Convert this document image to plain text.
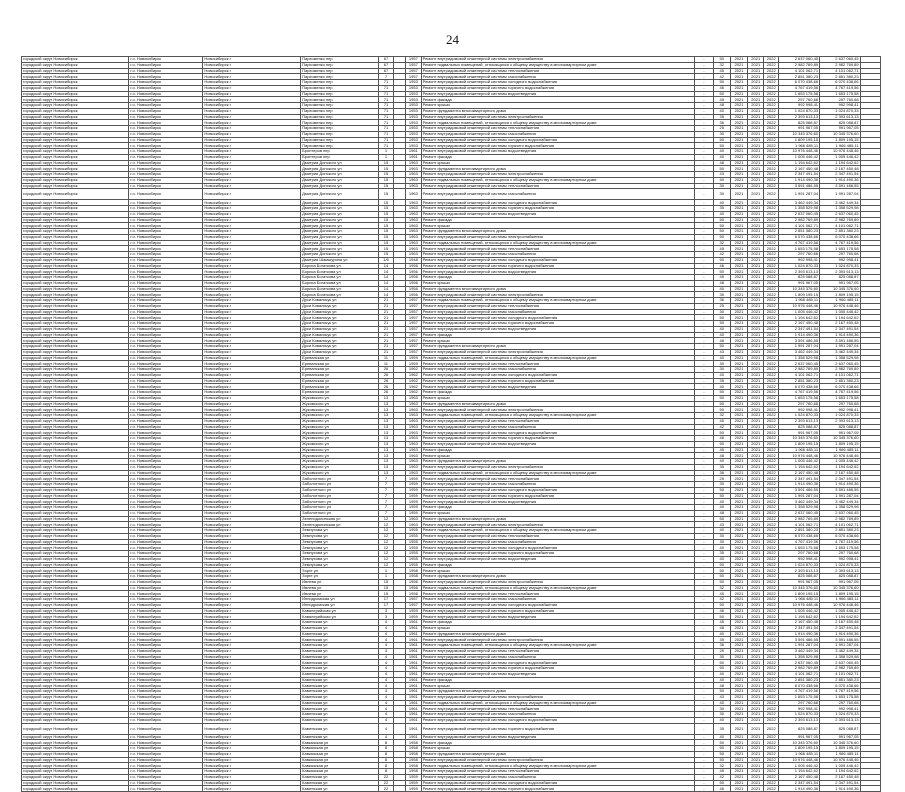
24
городской округ Новосибирск	г.о. Новосибирск	Новосибирск г	Пархоменко пер	67		1957	Ремонт внутридомовой инженерной системы электроснабжения	-	50	2021	2021	2022	2 637 060,45	2 637 060,45	
городской округ Новосибирск	г.о. Новосибирск	Новосибирск г	Пархоменко пер	67		1957	Ремонт подвальных помещений, относящихся к общему имуществу в многоквартирном доме	-	32	2021	2021	2022	2 982 769,89	2 982 769,89	
городской округ Новосибирск	г.о. Новосибирск	Новосибирск г	Пархоменко пер	67		1957	Ремонт внутридомовой инженерной системы теплоснабжения	-	45	2021	2021	2022	4 101 062,71	4 101 062,71	
городской округ Новосибирск	г.о. Новосибирск	Новосибирск г	Пархоменко пер	7		1957	Ремонт внутридомовой инженерной системы газоснабжения	-	42	2021	2021	2022	2 851 380,23	2 851 380,23	
городской округ Новосибирск	г.о. Новосибирск	Новосибирск г	Пархоменко пер	71		1953	Ремонт внутридомовой инженерной системы холодного водоснабжения	-	50	2021	2021	2022	6 070 438,66	6 070 438,66	
городской округ Новосибирск	г.о. Новосибирск	Новосибирск г	Пархоменко пер	71		1953	Ремонт внутридомовой инженерной системы горячего водоснабжения	-	46	2021	2021	2022	4 767 419,56	4 767 419,56	
городской округ Новосибирск	г.о. Новосибирск	Новосибирск г	Пархоменко пер	71		1953	Ремонт внутридомовой инженерной системы водоотведения	-	50	2021	2021	2022	1 653 175,58	1 653 175,58	
городской округ Новосибирск	г.о. Новосибирск	Новосибирск г	Пархоменко пер	71		1953	Ремонт фасада	-	45	2021	2021	2022	297 760,68	297 760,68	
городской округ Новосибирск	г.о. Новосибирск	Новосибирск г	Пархоменко пер	71		1953	Ремонт крыши	-	48	2021	2021	2022	992 998,41	992 998,41	
городской округ Новосибирск	г.о. Новосибирск	Новосибирск г	Пархоменко пер	71		1953	Ремонт фундамента многоквартирного дома	-	40	2021	2021	2022	1 024 870,33	1 024 870,33	
городской округ Новосибирск	г.о. Новосибирск	Новосибирск г	Пархоменко пер	71		1953	Ремонт внутридомовой инженерной системы электроснабжения	-	35	2021	2021	2022	2 393 613,13	2 393 613,13	
городской округ Новосибирск	г.о. Новосибирск	Новосибирск г	Пархоменко пер	71		1953	Ремонт подвальных помещений, относящихся к общему имуществу в многоквартирном доме	-	36	2021	2021	2022	825 088,87	825 088,87	
городской округ Новосибирск	г.о. Новосибирск	Новосибирск г	Пархоменко пер	71		1953	Ремонт внутридомовой инженерной системы теплоснабжения	-	25	2021	2021	2022	991 967,05	991 967,05	
городской округ Новосибирск	г.о. Новосибирск	Новосибирск г	Пархоменко пер	71		1953	Ремонт внутридомовой инженерной системы газоснабжения	-	30	2021	2021	2022	10 345 376,60	10 345 376,60	
городской округ Новосибирск	г.о. Новосибирск	Новосибирск г	Пархоменко пер	71		1953	Ремонт внутридомовой инженерной системы холодного водоснабжения	-	50	2021	2021	2022	1 809 195,15	1 809 195,15	
городской округ Новосибирск	г.о. Новосибирск	Новосибирск г	Пархоменко пер	71		1953	Ремонт внутридомовой инженерной системы горячего водоснабжения	-	50	2021	2021	2022	1 966 485,11	1 966 485,11	
городской округ Новосибирск	г.о. Новосибирск	Новосибирск г	Бронтеров пер	1		1961	Ремонт внутридомовой инженерной системы водоотведения	-	40	2021	2021	2022	10 976 448,46	10 976 448,46	
городской округ Новосибирск	г.о. Новосибирск	Новосибирск г	Бронтеров пер	1		1961	Ремонт фасада	-	40	2021	2021	2022	1 005 446,42	1 005 446,42	
городской округ Новосибирск	г.о. Новосибирск	Новосибирск г	Дмитрия Донского ул	15		1963	Ремонт крыши	-	48	2021	2021	2022	1 194 642,62	1 194 642,62	
городской округ Новосибирск	г.о. Новосибирск	Новосибирск г	Дмитрия Донского ул	15		1963	Ремонт фундамента многоквартирного дома	-	50	2021	2021	2022	2 167 450,48	2 167 450,48	
городской округ Новосибирск	г.о. Новосибирск	Новосибирск г	Дмитрия Донского ул	15		1963	Ремонт внутридомовой инженерной системы электроснабжения	-	43	2021	2021	2022	2 347 491,54	2 347 491,54	
городской округ Новосибирск	г.о. Новосибирск	Новосибирск г	Дмитрия Донского ул	15		1963	Ремонт подвальных помещений, относящихся к общему имуществу в многоквартирном доме	-	40	2021	2021	2022	1 914 490,36	1 914 490,36	
городской округ Новосибирск	г.о. Новосибирск	Новосибирск г	Дмитрия Донского ул	15		1963	Ремонт внутридомовой инженерной системы теплоснабжения	-	30	2021	2021	2022	3 591 486,55	3 591 486,55	
городской округ Новосибирск	г.о. Новосибирск	Новосибирск г	Дмитрия Донского ул	15		1963	Ремонт внутридомовой инженерной системы газоснабжения	-	30	2021	2021	2022	1 991 287,04	1 991 287,04	
городской округ Новосибирск	г.о. Новосибирск	Новосибирск г	Дмитрия Донского ул	15		1963	Ремонт внутридомовой инженерной системы холодного водоснабжения	-	40	2021	2021	2022	3 462 449,34	3 462 449,34	
городской округ Новосибирск	г.о. Новосибирск	Новосибирск г	Дмитрия Донского ул	15		1963	Ремонт внутридомовой инженерной системы горячего водоснабжения	-	35	2021	2021	2022	1 358 529,98	1 358 529,98	
городской округ Новосибирск	г.о. Новосибирск	Новосибирск г	Дмитрия Донского ул	15		1963	Ремонт внутридомовой инженерной системы водоотведения	-	40	2021	2021	2022	2 637 060,45	2 637 060,45	
городской округ Новосибирск	г.о. Новосибирск	Новосибирск г	Дмитрия Донского ул	15		1963	Ремонт фасада	-	50	2021	2021	2022	2 982 769,89	2 982 769,89	
городской округ Новосибирск	г.о. Новосибирск	Новосибирск г	Дмитрия Донского ул	15		1963	Ремонт крыши	-	50	2021	2021	2022	4 101 062,71	4 101 062,71	
городской округ Новосибирск	г.о. Новосибирск	Новосибирск г	Дмитрия Донского ул	15		1963	Ремонт фундамента многоквартирного дома	-	50	2021	2021	2022	2 851 380,23	2 851 380,23	
городской округ Новосибирск	г.о. Новосибирск	Новосибирск г	Дмитрия Донского ул	15		1963	Ремонт внутридомовой инженерной системы электроснабжения	-	50	2021	2021	2022	6 070 438,66	6 070 438,66	
городской округ Новосибирск	г.о. Новосибирск	Новосибирск г	Дмитрия Донского ул	15		1963	Ремонт подвальных помещений, относящихся к общему имуществу в многоквартирном доме	-	32	2021	2021	2022	4 767 419,56	4 767 419,56	
городской округ Новосибирск	г.о. Новосибирск	Новосибирск г	Дмитрия Донского ул	15		1963	Ремонт внутридомовой инженерной системы теплоснабжения	-	45	2021	2021	2022	1 653 175,58	1 653 175,58	
городской округ Новосибирск	г.о. Новосибирск	Новосибирск г	Дмитрия Донского ул	15		1963	Ремонт внутридомовой инженерной системы газоснабжения	-	42	2021	2021	2022	297 760,68	297 760,68	
городской округ Новосибирск	г.о. Новосибирск	Новосибирск г	Дмитрия Шамшурина ул	1/6		1948	Ремонт внутридомовой инженерной системы холодного водоснабжения	-	50	2021	2021	2022	992 998,41	992 998,41	
городской округ Новосибирск	г.о. Новосибирск	Новосибирск г	Бориса Богаткова ул	14		1956	Ремонт внутридомовой инженерной системы горячего водоснабжения	-	46	2021	2021	2022	1 024 870,33	1 024 870,33	
городской округ Новосибирск	г.о. Новосибирск	Новосибирск г	Бориса Богаткова ул	14		1956	Ремонт внутридомовой инженерной системы водоотведения	-	50	2021	2021	2022	2 393 613,13	2 393 613,13	
городской округ Новосибирск	г.о. Новосибирск	Новосибирск г	Бориса Богаткова ул	14		1956	Ремонт фасада	-	45	2021	2021	2022	825 088,87	825 088,87	
городской округ Новосибирск	г.о. Новосибирск	Новосибирск г	Бориса Богаткова ул	14		1956	Ремонт крыши	-	48	2021	2021	2022	991 967,05	991 967,05	
городской округ Новосибирск	г.о. Новосибирск	Новосибирск г	Бориса Богаткова ул	14		1956	Ремонт фундамента многоквартирного дома	-	40	2021	2021	2022	10 345 376,60	10 345 376,60	
городской округ Новосибирск	г.о. Новосибирск	Новосибирск г	Бориса Богаткова ул	14		1956	Ремонт внутридомовой инженерной системы электроснабжения	-	35	2021	2021	2022	1 809 195,15	1 809 195,15	
городской округ Новосибирск	г.о. Новосибирск	Новосибирск г	Дуси Ковальчук ул	21		1957	Ремонт подвальных помещений, относящихся к общему имуществу в многоквартирном доме	-	36	2021	2021	2022	1 966 485,11	1 966 485,11	
городской округ Новосибирск	г.о. Новосибирск	Новосибирск г	Дуси Ковальчук ул	21		1957	Ремонт внутридомовой инженерной системы теплоснабжения	-	25	2021	2021	2022	10 976 448,46	10 976 448,46	
городской округ Новосибирск	г.о. Новосибирск	Новосибирск г	Дуси Ковальчук ул	21		1957	Ремонт внутридомовой инженерной системы газоснабжения	-	30	2021	2021	2022	1 005 446,42	1 005 446,42	
городской округ Новосибирск	г.о. Новосибирск	Новосибирск г	Дуси Ковальчук ул	21		1957	Ремонт внутридомовой инженерной системы холодного водоснабжения	-	50	2021	2021	2022	1 194 642,62	1 194 642,62	
городской округ Новосибирск	г.о. Новосибирск	Новосибирск г	Дуси Ковальчук ул	21		1957	Ремонт внутридомовой инженерной системы горячего водоснабжения	-	50	2021	2021	2022	2 167 450,48	2 167 450,48	
городской округ Новосибирск	г.о. Новосибирск	Новосибирск г	Дуси Ковальчук ул	21		1957	Ремонт внутридомовой инженерной системы водоотведения	-	40	2021	2021	2022	2 347 491,54	2 347 491,54	
городской округ Новосибирск	г.о. Новосибирск	Новосибирск г	Дуси Ковальчук ул	21		1957	Ремонт фасада	-	40	2021	2021	2022	1 914 490,36	1 914 490,36	
городской округ Новосибирск	г.о. Новосибирск	Новосибирск г	Дуси Ковальчук ул	21		1957	Ремонт крыши	-	48	2021	2021	2022	3 591 486,55	3 591 486,55	
городской округ Новосибирск	г.о. Новосибирск	Новосибирск г	Дуси Ковальчук ул	21		1957	Ремонт фундамента многоквартирного дома	-	50	2021	2021	2022	1 991 287,04	1 991 287,04	
городской округ Новосибирск	г.о. Новосибирск	Новосибирск г	Дуси Ковальчук ул	21		1957	Ремонт внутридомовой инженерной системы электроснабжения	-	43	2021	2021	2022	3 462 449,34	3 462 449,34	
городской округ Новосибирск	г.о. Новосибирск	Новосибирск г	Ереванская ул	11		1959	Ремонт подвальных помещений, относящихся к общему имуществу в многоквартирном доме	-	40	2021	2021	2022	1 358 529,98	1 358 529,98	
городской округ Новосибирск	г.о. Новосибирск	Новосибирск г	Ереванская ул	11		1959	Ремонт внутридомовой инженерной системы теплоснабжения	-	30	2021	2021	2022	2 637 060,45	2 637 060,45	
городской округ Новосибирск	г.о. Новосибирск	Новосибирск г	Ереванская ул	26		1962	Ремонт внутридомовой инженерной системы газоснабжения	-	30	2021	2021	2022	2 982 769,89	2 982 769,89	
городской округ Новосибирск	г.о. Новосибирск	Новосибирск г	Ереванская ул	26		1962	Ремонт внутридомовой инженерной системы холодного водоснабжения	-	40	2021	2021	2022	4 101 062,71	4 101 062,71	
городской округ Новосибирск	г.о. Новосибирск	Новосибирск г	Ереванская ул	26		1962	Ремонт внутридомовой инженерной системы горячего водоснабжения	-	35	2021	2021	2022	2 851 380,23	2 851 380,23	
городской округ Новосибирск	г.о. Новосибирск	Новосибирск г	Ереванская ул	26		1962	Ремонт внутридомовой инженерной системы водоотведения	-	40	2021	2021	2022	6 070 438,66	6 070 438,66	
городской округ Новосибирск	г.о. Новосибирск	Новосибирск г	Ереванская ул	26		1962	Ремонт фасада	-	50	2021	2021	2022	4 767 419,56	4 767 419,56	
городской округ Новосибирск	г.о. Новосибирск	Новосибирск г	Жуковского ул	13		1963	Ремонт крыши	-	50	2021	2021	2022	1 653 175,58	1 653 175,58	
городской округ Новосибирск	г.о. Новосибирск	Новосибирск г	Жуковского ул	13		1963	Ремонт фундамента многоквартирного дома	-	50	2021	2021	2022	297 760,68	297 760,68	
городской округ Новосибирск	г.о. Новосибирск	Новосибирск г	Жуковского ул	13		1963	Ремонт внутридомовой инженерной системы электроснабжения	-	50	2021	2021	2022	992 998,41	992 998,41	
городской округ Новосибирск	г.о. Новосибирск	Новосибирск г	Жуковского ул	13		1963	Ремонт подвальных помещений, относящихся к общему имуществу в многоквартирном доме	-	32	2021	2021	2022	1 024 870,33	1 024 870,33	
городской округ Новосибирск	г.о. Новосибирск	Новосибирск г	Жуковского ул	13		1963	Ремонт внутридомовой инженерной системы теплоснабжения	-	45	2021	2021	2022	2 393 613,13	2 393 613,13	
городской округ Новосибирск	г.о. Новосибирск	Новосибирск г	Жуковского ул	13		1963	Ремонт внутридомовой инженерной системы газоснабжения	-	42	2021	2021	2022	825 088,87	825 088,87	
городской округ Новосибирск	г.о. Новосибирск	Новосибирск г	Жуковского ул	13		1963	Ремонт внутридомовой инженерной системы холодного водоснабжения	-	50	2021	2021	2022	991 967,05	991 967,05	
городской округ Новосибирск	г.о. Новосибирск	Новосибирск г	Жуковского ул	13		1963	Ремонт внутридомовой инженерной системы горячего водоснабжения	-	46	2021	2021	2022	10 345 376,60	10 345 376,60	
городской округ Новосибирск	г.о. Новосибирск	Новосибирск г	Жуковского ул	13		1963	Ремонт внутридомовой инженерной системы водоотведения	-	50	2021	2021	2022	1 809 195,15	1 809 195,15	
городской округ Новосибирск	г.о. Новосибирск	Новосибирск г	Жуковского ул	13		1963	Ремонт фасада	-	45	2021	2021	2022	1 966 485,11	1 966 485,11	
городской округ Новосибирск	г.о. Новосибирск	Новосибирск г	Жуковского ул	13		1963	Ремонт крыши	-	48	2021	2021	2022	10 976 448,46	10 976 448,46	
городской округ Новосибирск	г.о. Новосибирск	Новосибирск г	Жуковского ул	13		1963	Ремонт фундамента многоквартирного дома	-	40	2021	2021	2022	1 005 446,42	1 005 446,42	
городской округ Новосибирск	г.о. Новосибирск	Новосибирск г	Жуковского ул	13		1963	Ремонт внутридомовой инженерной системы электроснабжения	-	35	2021	2021	2022	1 194 642,62	1 194 642,62	
городской округ Новосибирск	г.о. Новосибирск	Новосибирск г	Жуковского ул	13		1963	Ремонт подвальных помещений, относящихся к общему имуществу в многоквартирном доме	-	36	2021	2021	2022	2 167 450,48	2 167 450,48	
городской округ Новосибирск	г.о. Новосибирск	Новосибирск г	Заболотного ул	7		1959	Ремонт внутридомовой инженерной системы теплоснабжения	-	25	2021	2021	2022	2 347 491,54	2 347 491,54	
городской округ Новосибирск	г.о. Новосибирск	Новосибирск г	Заболотного ул	7		1959	Ремонт внутридомовой инженерной системы газоснабжения	-	30	2021	2021	2022	1 914 490,36	1 914 490,36	
городской округ Новосибирск	г.о. Новосибирск	Новосибирск г	Заболотного ул	7		1959	Ремонт внутридомовой инженерной системы холодного водоснабжения	-	50	2021	2021	2022	3 591 486,55	3 591 486,55	
городской округ Новосибирск	г.о. Новосибирск	Новосибирск г	Заболотного ул	7		1959	Ремонт внутридомовой инженерной системы горячего водоснабжения	-	50	2021	2021	2022	1 991 287,04	1 991 287,04	
городской округ Новосибирск	г.о. Новосибирск	Новосибирск г	Заболотного ул	7		1959	Ремонт внутридомовой инженерной системы водоотведения	-	40	2021	2021	2022	3 462 449,34	3 462 449,34	
городской округ Новосибирск	г.о. Новосибирск	Новосибирск г	Заболотного ул	7		1959	Ремонт фасада	-	40	2021	2021	2022	1 358 529,98	1 358 529,98	
городской округ Новосибирск	г.о. Новосибирск	Новосибирск г	Заболотного ул	7		1959	Ремонт крыши	-	48	2021	2021	2022	2 637 060,45	2 637 060,45	
городской округ Новосибирск	г.о. Новосибирск	Новосибирск г	Зеленодолинская ул	12		1963	Ремонт фундамента многоквартирного дома	-	50	2021	2021	2022	2 982 769,89	2 982 769,89	
городской округ Новосибирск	г.о. Новосибирск	Новосибирск г	Зеленодолинская ул	12		1963	Ремонт внутридомовой инженерной системы электроснабжения	-	43	2021	2021	2022	4 101 062,71	4 101 062,71	
городской округ Новосибирск	г.о. Новосибирск	Новосибирск г	Земнухова ул	12		1955	Ремонт подвальных помещений, относящихся к общему имуществу в многоквартирном доме	-	40	2021	2021	2022	2 851 380,23	2 851 380,23	
городской округ Новосибирск	г.о. Новосибирск	Новосибирск г	Земнухова ул	12		1955	Ремонт внутридомовой инженерной системы теплоснабжения	-	30	2021	2021	2022	6 070 438,66	6 070 438,66	
городской округ Новосибирск	г.о. Новосибирск	Новосибирск г	Земнухова ул	12		1955	Ремонт внутридомовой инженерной системы газоснабжения	-	30	2021	2021	2022	4 767 419,56	4 767 419,56	
городской округ Новосибирск	г.о. Новосибирск	Новосибирск г	Земнухова ул	12		1955	Ремонт внутридомовой инженерной системы холодного водоснабжения	-	40	2021	2021	2022	1 653 175,58	1 653 175,58	
городской округ Новосибирск	г.о. Новосибирск	Новосибирск г	Земнухова ул	12		1955	Ремонт внутридомовой инженерной системы горячего водоснабжения	-	35	2021	2021	2022	297 760,68	297 760,68	
городской округ Новосибирск	г.о. Новосибирск	Новосибирск г	Земнухова ул	12		1955	Ремонт внутридомовой инженерной системы водоотведения	-	40	2021	2021	2022	992 998,41	992 998,41	
городской округ Новосибирск	г.о. Новосибирск	Новосибирск г	Земнухова ул	12		1955	Ремонт фасада	-	50	2021	2021	2022	1 024 870,33	1 024 870,33	
городской округ Новосибирск	г.о. Новосибирск	Новосибирск г	Зорге ул	1		1958	Ремонт крыши	-	50	2021	2021	2022	2 393 613,13	2 393 613,13	
городской округ Новосибирск	г.о. Новосибирск	Новосибирск г	Зорге ул	1		1958	Ремонт фундамента многоквартирного дома	-	50	2021	2021	2022	825 088,87	825 088,87	
городской округ Новосибирск	г.о. Новосибирск	Новосибирск г	Ивлева ул	15		1956	Ремонт внутридомовой инженерной системы электроснабжения	-	50	2021	2021	2022	991 967,05	991 967,05	
городской округ Новосибирск	г.о. Новосибирск	Новосибирск г	Ивлева ул	15		1956	Ремонт подвальных помещений, относящихся к общему имуществу в многоквартирном доме	-	32	2021	2021	2022	10 345 376,60	10 345 376,60	
городской округ Новосибирск	г.о. Новосибирск	Новосибирск г	Ивлева ул	15		1956	Ремонт внутридомовой инженерной системы теплоснабжения	-	45	2021	2021	2022	1 809 195,15	1 809 195,15	
городской округ Новосибирск	г.о. Новосибирск	Новосибирск г	Ипподромская ул	17		1957	Ремонт внутридомовой инженерной системы газоснабжения	-	42	2021	2021	2022	1 966 485,11	1 966 485,11	
городской округ Новосибирск	г.о. Новосибирск	Новосибирск г	Ипподромская ул	17		1957	Ремонт внутридомовой инженерной системы холодного водоснабжения	-	50	2021	2021	2022	10 976 448,46	10 976 448,46	
городской округ Новосибирск	г.о. Новосибирск	Новосибирск г	Кавалерийская ул	3		1959	Ремонт внутридомовой инженерной системы горячего водоснабжения	-	46	2021	2021	2022	1 005 446,42	1 005 446,42	
городской округ Новосибирск	г.о. Новосибирск	Новосибирск г	Кавалерийская ул	3		1959	Ремонт внутридомовой инженерной системы водоотведения	-	50	2021	2021	2022	1 194 642,62	1 194 642,62	
городской округ Новосибирск	г.о. Новосибирск	Новосибирск г	Каменская ул	4		1961	Ремонт фасада	-	45	2021	2021	2022	2 167 450,48	2 167 450,48	
городской округ Новосибирск	г.о. Новосибирск	Новосибирск г	Каменская ул	4		1961	Ремонт крыши	-	48	2021	2021	2022	2 347 491,54	2 347 491,54	
городской округ Новосибирск	г.о. Новосибирск	Новосибирск г	Каменская ул	4		1961	Ремонт фундамента многоквартирного дома	-	40	2021	2021	2022	1 914 490,36	1 914 490,36	
городской округ Новосибирск	г.о. Новосибирск	Новосибирск г	Каменская ул	4		1961	Ремонт внутридомовой инженерной системы электроснабжения	-	35	2021	2021	2022	3 591 486,55	3 591 486,55	
городской округ Новосибирск	г.о. Новосибирск	Новосибирск г	Каменская ул	4		1961	Ремонт подвальных помещений, относящихся к общему имуществу в многоквартирном доме	-	36	2021	2021	2022	1 991 287,04	1 991 287,04	
городской округ Новосибирск	г.о. Новосибирск	Новосибирск г	Каменская ул	4		1961	Ремонт внутридомовой инженерной системы теплоснабжения	-	25	2021	2021	2022	3 462 449,34	3 462 449,34	
городской округ Новосибирск	г.о. Новосибирск	Новосибирск г	Каменская ул	4		1961	Ремонт внутридомовой инженерной системы газоснабжения	-	30	2021	2021	2022	1 358 529,98	1 358 529,98	
городской округ Новосибирск	г.о. Новосибирск	Новосибирск г	Каменская ул	4		1961	Ремонт внутридомовой инженерной системы холодного водоснабжения	-	50	2021	2021	2022	2 637 060,45	2 637 060,45	
городской округ Новосибирск	г.о. Новосибирск	Новосибирск г	Каменская ул	4		1961	Ремонт внутридомовой инженерной системы горячего водоснабжения	-	50	2021	2021	2022	2 982 769,89	2 982 769,89	
городской округ Новосибирск	г.о. Новосибирск	Новосибирск г	Каменская ул	4		1961	Ремонт внутридомовой инженерной системы водоотведения	-	40	2021	2021	2022	4 101 062,71	4 101 062,71	
городской округ Новосибирск	г.о. Новосибирск	Новосибирск г	Каменская ул	4		1961	Ремонт фасада	-	40	2021	2021	2022	2 851 380,23	2 851 380,23	
городской округ Новосибирск	г.о. Новосибирск	Новосибирск г	Каменская ул	4		1961	Ремонт крыши	-	48	2021	2021	2022	6 070 438,66	6 070 438,66	
городской округ Новосибирск	г.о. Новосибирск	Новосибирск г	Каменская ул	4		1961	Ремонт фундамента многоквартирного дома	-	50	2021	2021	2022	4 767 419,56	4 767 419,56	
городской округ Новосибирск	г.о. Новосибирск	Новосибирск г	Каменская ул	4		1961	Ремонт внутридомовой инженерной системы электроснабжения	-	43	2021	2021	2022	1 653 175,58	1 653 175,58	
городской округ Новосибирск	г.о. Новосибирск	Новосибирск г	Каменская ул	4		1961	Ремонт подвальных помещений, относящихся к общему имуществу в многоквартирном доме	-	40	2021	2021	2022	297 760,68	297 760,68	
городской округ Новосибирск	г.о. Новосибирск	Новосибирск г	Каменская ул	4		1961	Ремонт внутридомовой инженерной системы теплоснабжения	-	30	2021	2021	2022	992 998,41	992 998,41	
городской округ Новосибирск	г.о. Новосибирск	Новосибирск г	Каменская ул	4		1961	Ремонт внутридомовой инженерной системы газоснабжения	-	30	2021	2021	2022	1 024 870,33	1 024 870,33	
городской округ Новосибирск	г.о. Новосибирск	Новосибирск г	Каменская ул	4		1961	Ремонт внутридомовой инженерной системы холодного водоснабжения	-	40	2021	2021	2022	2 393 613,13	2 393 613,13	
городской округ Новосибирск	г.о. Новосибирск	Новосибирск г	Каменская ул	4		1961	Ремонт внутридомовой инженерной системы горячего водоснабжения	-	35	2021	2021	2022	825 088,87	825 088,87	
городской округ Новосибирск	г.о. Новосибирск	Новосибирск г	Каменская ул	4		1961	Ремонт внутридомовой инженерной системы водоотведения	-	40	2021	2021	2022	991 967,05	991 967,05	
городской округ Новосибирск	г.о. Новосибирск	Новосибирск г	Кавказская ул	8		1958	Ремонт фасада	-	50	2021	2021	2022	10 345 376,60	10 345 376,60	
городской округ Новосибирск	г.о. Новосибирск	Новосибирск г	Кавказская ул	8		1958	Ремонт крыши	-	50	2021	2021	2022	1 809 195,15	1 809 195,15	
городской округ Новосибирск	г.о. Новосибирск	Новосибирск г	Кавказская ул	8		1958	Ремонт фундамента многоквартирного дома	-	50	2021	2021	2022	1 966 485,11	1 966 485,11	
городской округ Новосибирск	г.о. Новосибирск	Новосибирск г	Кавказская ул	8		1958	Ремонт внутридомовой инженерной системы электроснабжения	-	50	2021	2021	2022	10 976 448,46	10 976 448,46	
городской округ Новосибирск	г.о. Новосибирск	Новосибирск г	Кавказская ул	8		1958	Ремонт подвальных помещений, относящихся к общему имуществу в многоквартирном доме	-	32	2021	2021	2022	1 005 446,42	1 005 446,42	
городской округ Новосибирск	г.о. Новосибирск	Новосибирск г	Кавказская ул	8		1958	Ремонт внутридомовой инженерной системы теплоснабжения	-	45	2021	2021	2022	1 194 642,62	1 194 642,62	
городской округ Новосибирск	г.о. Новосибирск	Новосибирск г	Каменская ул	22		1959	Ремонт внутридомовой инженерной системы газоснабжения	-	42	2021	2021	2022	2 167 450,48	2 167 450,48	
городской округ Новосибирск	г.о. Новосибирск	Новосибирск г	Каменская ул	22		1959	Ремонт внутридомовой инженерной системы холодного водоснабжения	-	50	2021	2021	2022	2 347 491,54	2 347 491,54	
городской округ Новосибирск	г.о. Новосибирск	Новосибирск г	Каменская ул	22		1959	Ремонт внутридомовой инженерной системы горячего водоснабжения	-	46	2021	2021	2022	1 914 490,36	1 914 490,36	
